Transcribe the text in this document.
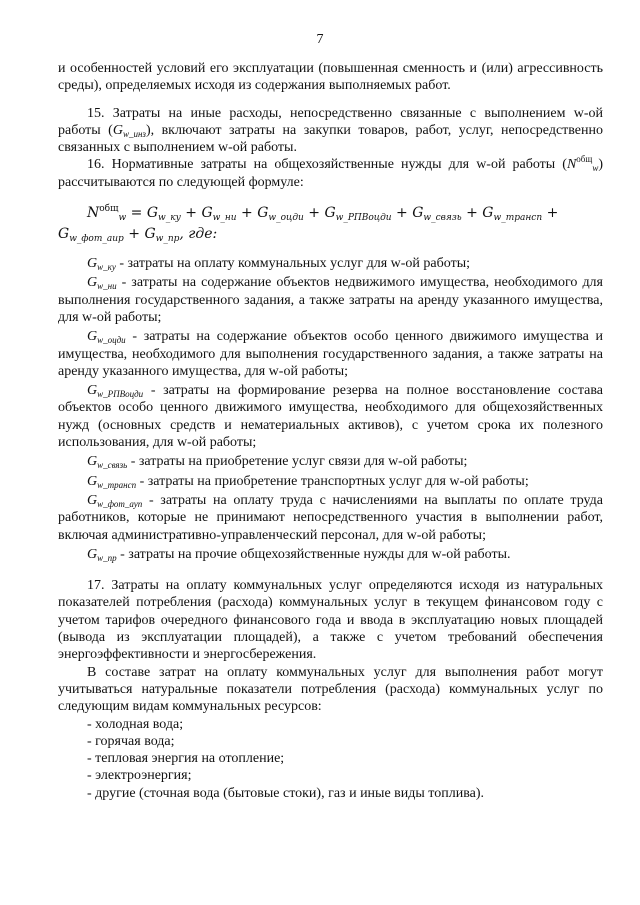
7

и особенностей условий его эксплуатации (повышенная сменность и (или) агрессивность среды), определяемых исходя из содержания выполняемых работ.

15. Затраты на иные расходы, непосредственно связанные с выполнением w-ой работы $(G_{w\_инз})$, включают затраты на закупки товаров, работ, услуг, непосредственно связанных с выполнением w-ой работы.

16. Нормативные затраты на общехозяйственные нужды для w-ой работы $(N^{общ}_w)$ рассчитываются по следующей формуле:

$N^{общ}_w = G_{w\_ку} + G_{w\_ни} + G_{w\_оцди} + G_{w\_РПВоцди} + G_{w\_связь} + G_{w\_трансп}$ +
$G_{w\_фот\_аup} + G_{w\_пр}$, где:

$G_{w\_ку}$ - затраты на оплату коммунальных услуг для w-ой работы;

$G_{w\_ни}$ - затраты на содержание объектов недвижимого имущества, необходимого для выполнения государственного задания, а также затраты на аренду указанного имущества, для w-ой работы;

$G_{w\_оцди}$ - затраты на содержание объектов особо ценного движимого имущества и имущества, необходимого для выполнения государственного задания, а также затраты на аренду указанного имущества, для w-ой работы;

$G_{w\_РПВоцди}$ - затраты на формирование резерва на полное восстановление состава объектов особо ценного движимого имущества, необходимого для общехозяйственных нужд (основных средств и нематериальных активов), с учетом срока их полезного использования, для w-ой работы;

$G_{w\_связь}$ - затраты на приобретение услуг связи для w-ой работы;

$G_{w\_трансп}$ - затраты на приобретение транспортных услуг для w-ой работы;

$G_{w\_фот\_ауп}$ - затраты на оплату труда с начислениями на выплаты по оплате труда работников, которые не принимают непосредственного участия в выполнении работ, включая административно-управленческий персонал, для w-ой работы;

$G_{w\_пр}$ - затраты на прочие общехозяйственные нужды для w-ой работы.

17. Затраты на оплату коммунальных услуг определяются исходя из натуральных показателей потребления (расхода) коммунальных услуг в текущем финансовом году с учетом тарифов очередного финансового года и ввода в эксплуатацию новых площадей (вывода из эксплуатации площадей), а также с учетом требований обеспечения энергоэффективности и энергосбережения.

В составе затрат на оплату коммунальных услуг для выполнения работ могут учитываться натуральные показатели потребления (расхода) коммунальных услуг по следующим видам коммунальных ресурсов:

- холодная вода;

- горячая вода;

- тепловая энергия на отопление;

- электроэнергия;

- другие (сточная вода (бытовые стоки), газ и иные виды топлива).
